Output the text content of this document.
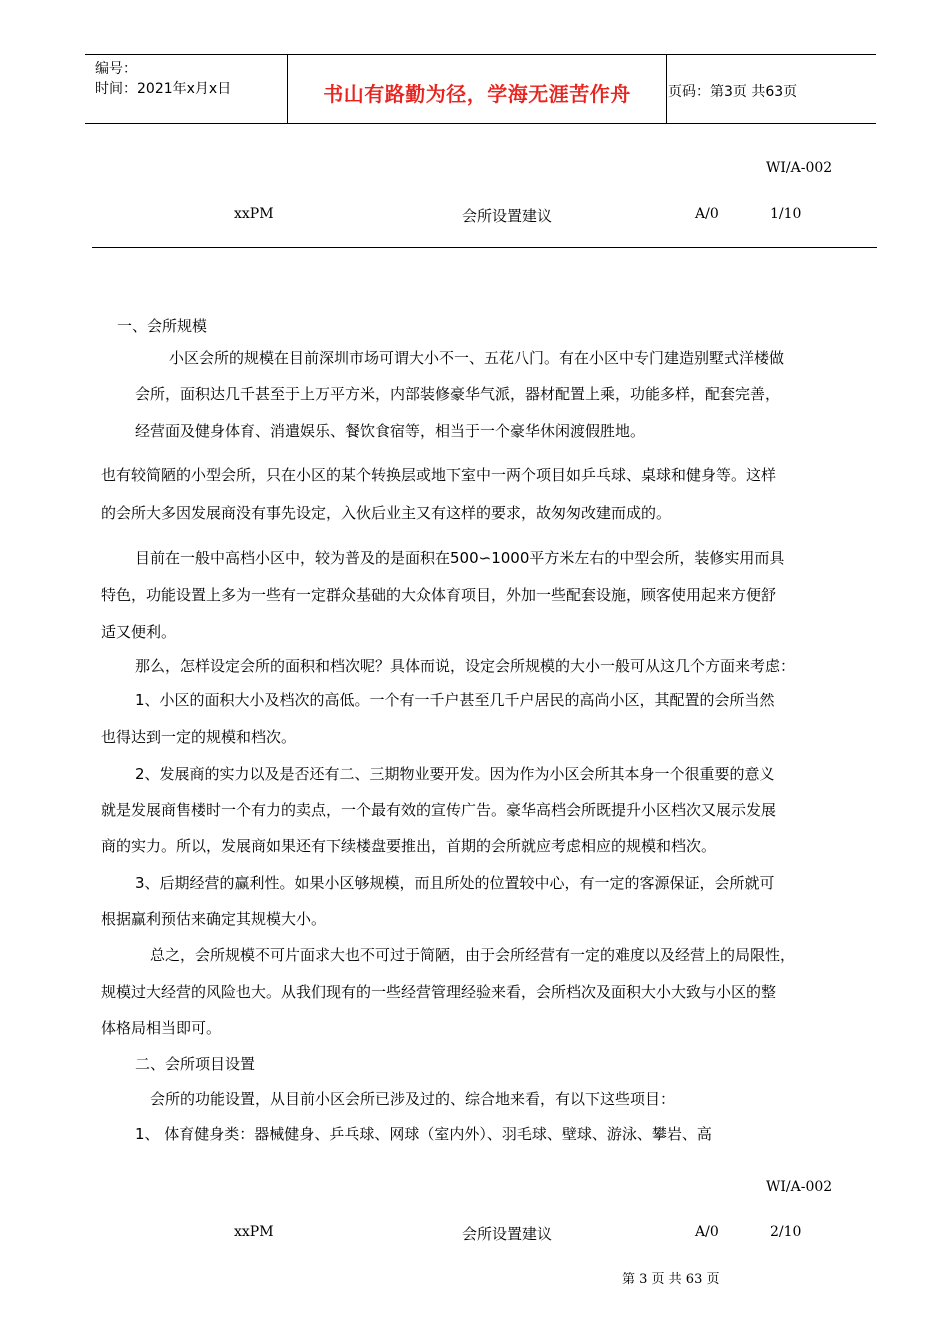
编号：
时间：2021年x月x日	书山有路勤为径，学海无涯苦作舟	页码：第3页 共63页
WI/A-002
xxPM	会所设置建议	A/0	1/10
一、会所规模
小区会所的规模在目前深圳市场可谓大小不一、五花八门。有在小区中专门建造别墅式洋楼做
会所，面积达几千甚至于上万平方米，内部装修豪华气派，器材配置上乘，功能多样，配套完善，
经营面及健身体育、消遣娱乐、餐饮食宿等，相当于一个豪华休闲渡假胜地。
也有较简陋的小型会所，只在小区的某个转换层或地下室中一两个项目如乒乓球、桌球和健身等。这样
的会所大多因发展商没有事先设定，入伙后业主又有这样的要求，故匆匆改建而成的。
目前在一般中高档小区中，较为普及的是面积在500∽1000平方米左右的中型会所，装修实用而具
特色，功能设置上多为一些有一定群众基础的大众体育项目，外加一些配套设施，顾客使用起来方便舒
适又便利。
那么，怎样设定会所的面积和档次呢？具体而说，设定会所规模的大小一般可从这几个方面来考虑：
1、小区的面积大小及档次的高低。一个有一千户甚至几千户居民的高尚小区，其配置的会所当然
也得达到一定的规模和档次。
2、发展商的实力以及是否还有二、三期物业要开发。因为作为小区会所其本身一个很重要的意义
就是发展商售楼时一个有力的卖点，一个最有效的宣传广告。豪华高档会所既提升小区档次又展示发展
商的实力。所以，发展商如果还有下续楼盘要推出，首期的会所就应考虑相应的规模和档次。
3、后期经营的赢利性。如果小区够规模，而且所处的位置较中心，有一定的客源保证，会所就可
根据赢利预估来确定其规模大小。
总之，会所规模不可片面求大也不可过于简陋，由于会所经营有一定的难度以及经营上的局限性，
规模过大经营的风险也大。从我们现有的一些经营管理经验来看，会所档次及面积大小大致与小区的整
体格局相当即可。
二、会所项目设置
会所的功能设置，从目前小区会所已涉及过的、综合地来看，有以下这些项目：
1、 体育健身类：器械健身、乒乓球、网球（室内外）、羽毛球、壁球、游泳、攀岩、高
WI/A-002
xxPM	会所设置建议	A/0	2/10
第 3 页 共 63 页
